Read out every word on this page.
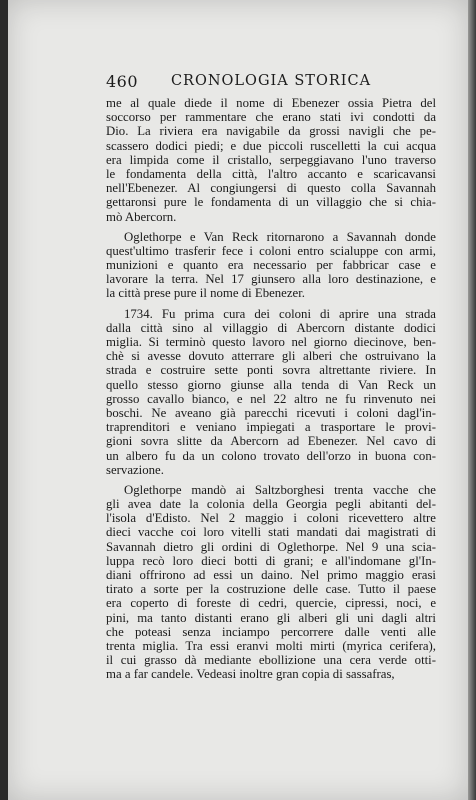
460	CRONOLOGIA STORICA
me al quale diede il nome di Ebenezer ossia Pietra del
soccorso per rammentare che erano stati ivi condotti da
Dio. La riviera era navigabile da grossi navigli che pe-
scassero dodici piedi; e due piccoli ruscelletti la cui acqua
era limpida come il cristallo, serpeggiavano l'uno traverso
le fondamenta della città, l'altro accanto e scaricavansi
nell'Ebenezer. Al congiungersi di questo colla Savannah
gettaronsi pure le fondamenta di un villaggio che si chia-
mò Abercorn.
Oglethorpe e Van Reck ritornarono a Savannah donde
quest'ultimo trasferir fece i coloni entro scialuppe con armi,
munizioni e quanto era necessario per fabbricar case e
lavorare la terra. Nel 17 giunsero alla loro destinazione, e
la città prese pure il nome di Ebenezer.
1734. Fu prima cura dei coloni di aprire una strada
dalla città sino al villaggio di Abercorn distante dodici
miglia. Si terminò questo lavoro nel giorno diecinove, ben-
chè si avesse dovuto atterrare gli alberi che ostruivano la
strada e costruire sette ponti sovra altrettante riviere. In
quello stesso giorno giunse alla tenda di Van Reck un
grosso cavallo bianco, e nel 22 altro ne fu rinvenuto nei
boschi. Ne aveano già parecchi ricevuti i coloni dagl'in-
traprenditori e veniano impiegati a trasportare le provi-
gioni sovra slitte da Abercorn ad Ebenezer. Nel cavo di
un albero fu da un colono trovato dell'orzo in buona con-
servazione.
Oglethorpe mandò ai Saltzborghesi trenta vacche che
gli avea date la colonia della Georgia pegli abitanti del-
l'isola d'Edisto. Nel 2 maggio i coloni ricevettero altre
dieci vacche coi loro vitelli stati mandati dai magistrati di
Savannah dietro gli ordini di Oglethorpe. Nel 9 una scia-
luppa recò loro dieci botti di grani; e all'indomane gl'In-
diani offrirono ad essi un daino. Nel primo maggio erasi
tirato a sorte per la costruzione delle case. Tutto il paese
era coperto di foreste di cedri, quercie, cipressi, noci, e
pini, ma tanto distanti erano gli alberi gli uni dagli altri
che poteasi senza inciampo percorrere dalle venti alle
trenta miglia. Tra essi eranvi molti mirti (myrica cerifera),
il cui grasso dà mediante ebollizione una cera verde otti-
ma a far candele. Vedeasi inoltre gran copia di sassafras,
